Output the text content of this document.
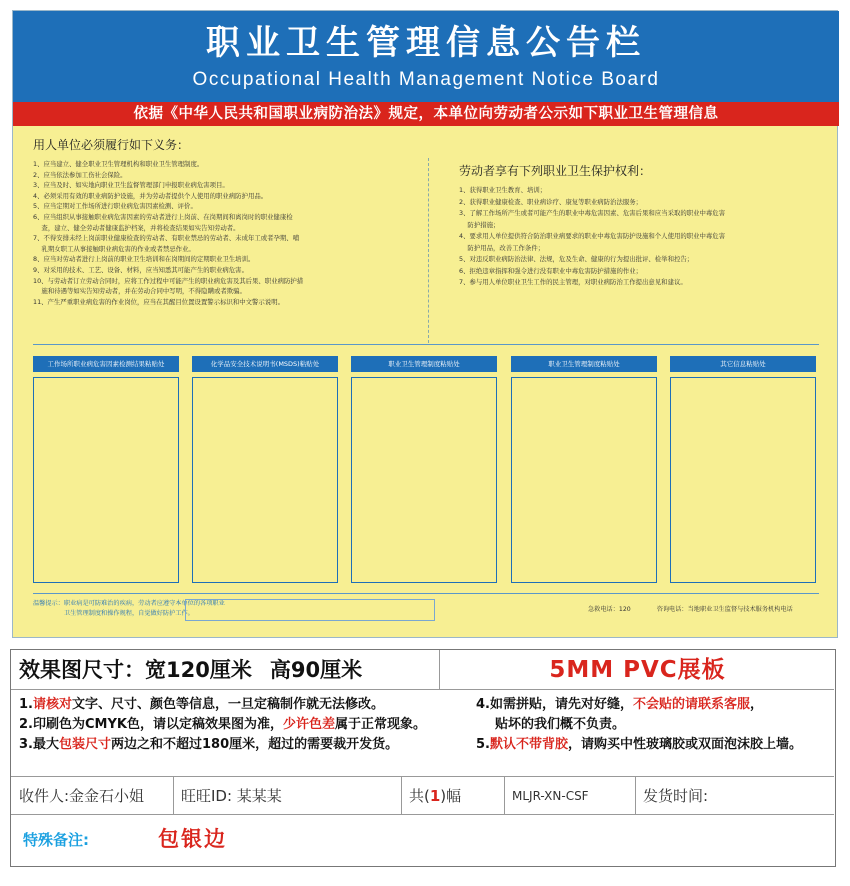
职业卫生管理信息公告栏
Occupational Health Management Notice Board
依据《中华人民共和国职业病防治法》规定，本单位向劳动者公示如下职业卫生管理信息
用人单位必须履行如下义务：
1、应当建立、健全职业卫生管理机构和职业卫生管理制度。
2、应当依法参加工伤社会保险。
3、应当及时、如实地向职业卫生监督管理部门申报职业病危害项目。
4、必须采用有效的职业病防护设施，并为劳动者提供个人使用的职业病防护用品。
5、应当定期对工作场所进行职业病危害因素检测、评价。
6、应当组织从事接触职业病危害因素的劳动者进行上岗前、在岗期间和离岗时的职业健康检
　 查，建立、健全劳动者健康监护档案，并将检查结果如实告知劳动者。
7、不得安排未经上岗前职业健康检查的劳动者、有职业禁忌的劳动者、未成年工或者孕期、哺
　 乳期女职工从事接触职业病危害的作业或者禁忌作业。
8、应当对劳动者进行上岗前的职业卫生培训和在岗期间的定期职业卫生培训。
9、对采用的技术、工艺、设备、材料，应当知悉其可能产生的职业病危害。
10、与劳动者订立劳动合同时，应将工作过程中可能产生的职业病危害及其后果、职业病防护措
　 施和待遇等如实告知劳动者，并在劳动合同中写明，不得隐瞒或者欺骗。
11、产生严重职业病危害的作业岗位，应当在其醒目位置设置警示标识和中文警示说明。
劳动者享有下列职业卫生保护权利：
1、获得职业卫生教育、培训；
2、获得职业健康检查、职业病诊疗、康复等职业病防治法服务；
3、了解工作场所产生或者可能产生的职业中毒危害因素、危害后果和应当采取的职业中毒危害
　 防护措施；
4、要求用人单位提供符合防治职业病要求的职业中毒危害防护设施和个人使用的职业中毒危害
　 防护用品，改善工作条件；
5、对违反职业病防治法律、法规，危及生命、健康的行为提出批评、检举和控告；
6、拒绝违章指挥和强令进行没有职业中毒危害防护措施的作业；
7、参与用人单位职业卫生工作的民主管理，对职业病防治工作提出意见和建议。
工作场所职业病危害因素检测结果粘贴处	化学品安全技术说明书(MSDS)粘贴处	职业卫生管理制度粘贴处	职业卫生管理制度粘贴处	其它信息粘贴处
温馨提示：职业病是可防难治的疾病，劳动者应遵守本单位的各项职业
　　　　　卫生管理制度和操作规程，自觉做好防护工作。	急救电话：120	咨询电话：当地职业卫生监督与技术服务机构电话
效果图尺寸：宽120厘米 高90厘米	5MM PVC展板
1.请核对文字、尺寸、颜色等信息，一旦定稿制作就无法修改。
2.印刷色为CMYK色，请以定稿效果图为准，少许色差属于正常现象。
3.最大包装尺寸两边之和不超过180厘米，超过的需要裁开发货。
4.如需拼贴，请先对好缝，不会贴的请联系客服，
贴坏的我们概不负责。
5.默认不带背胶，请购买中性玻璃胶或双面泡沫胶上墙。
收件人:金金石小姐 旺旺ID: 某某某	共(1)幅	MLJR-XN-CSF	发货时间:
特殊备注:	包银边
